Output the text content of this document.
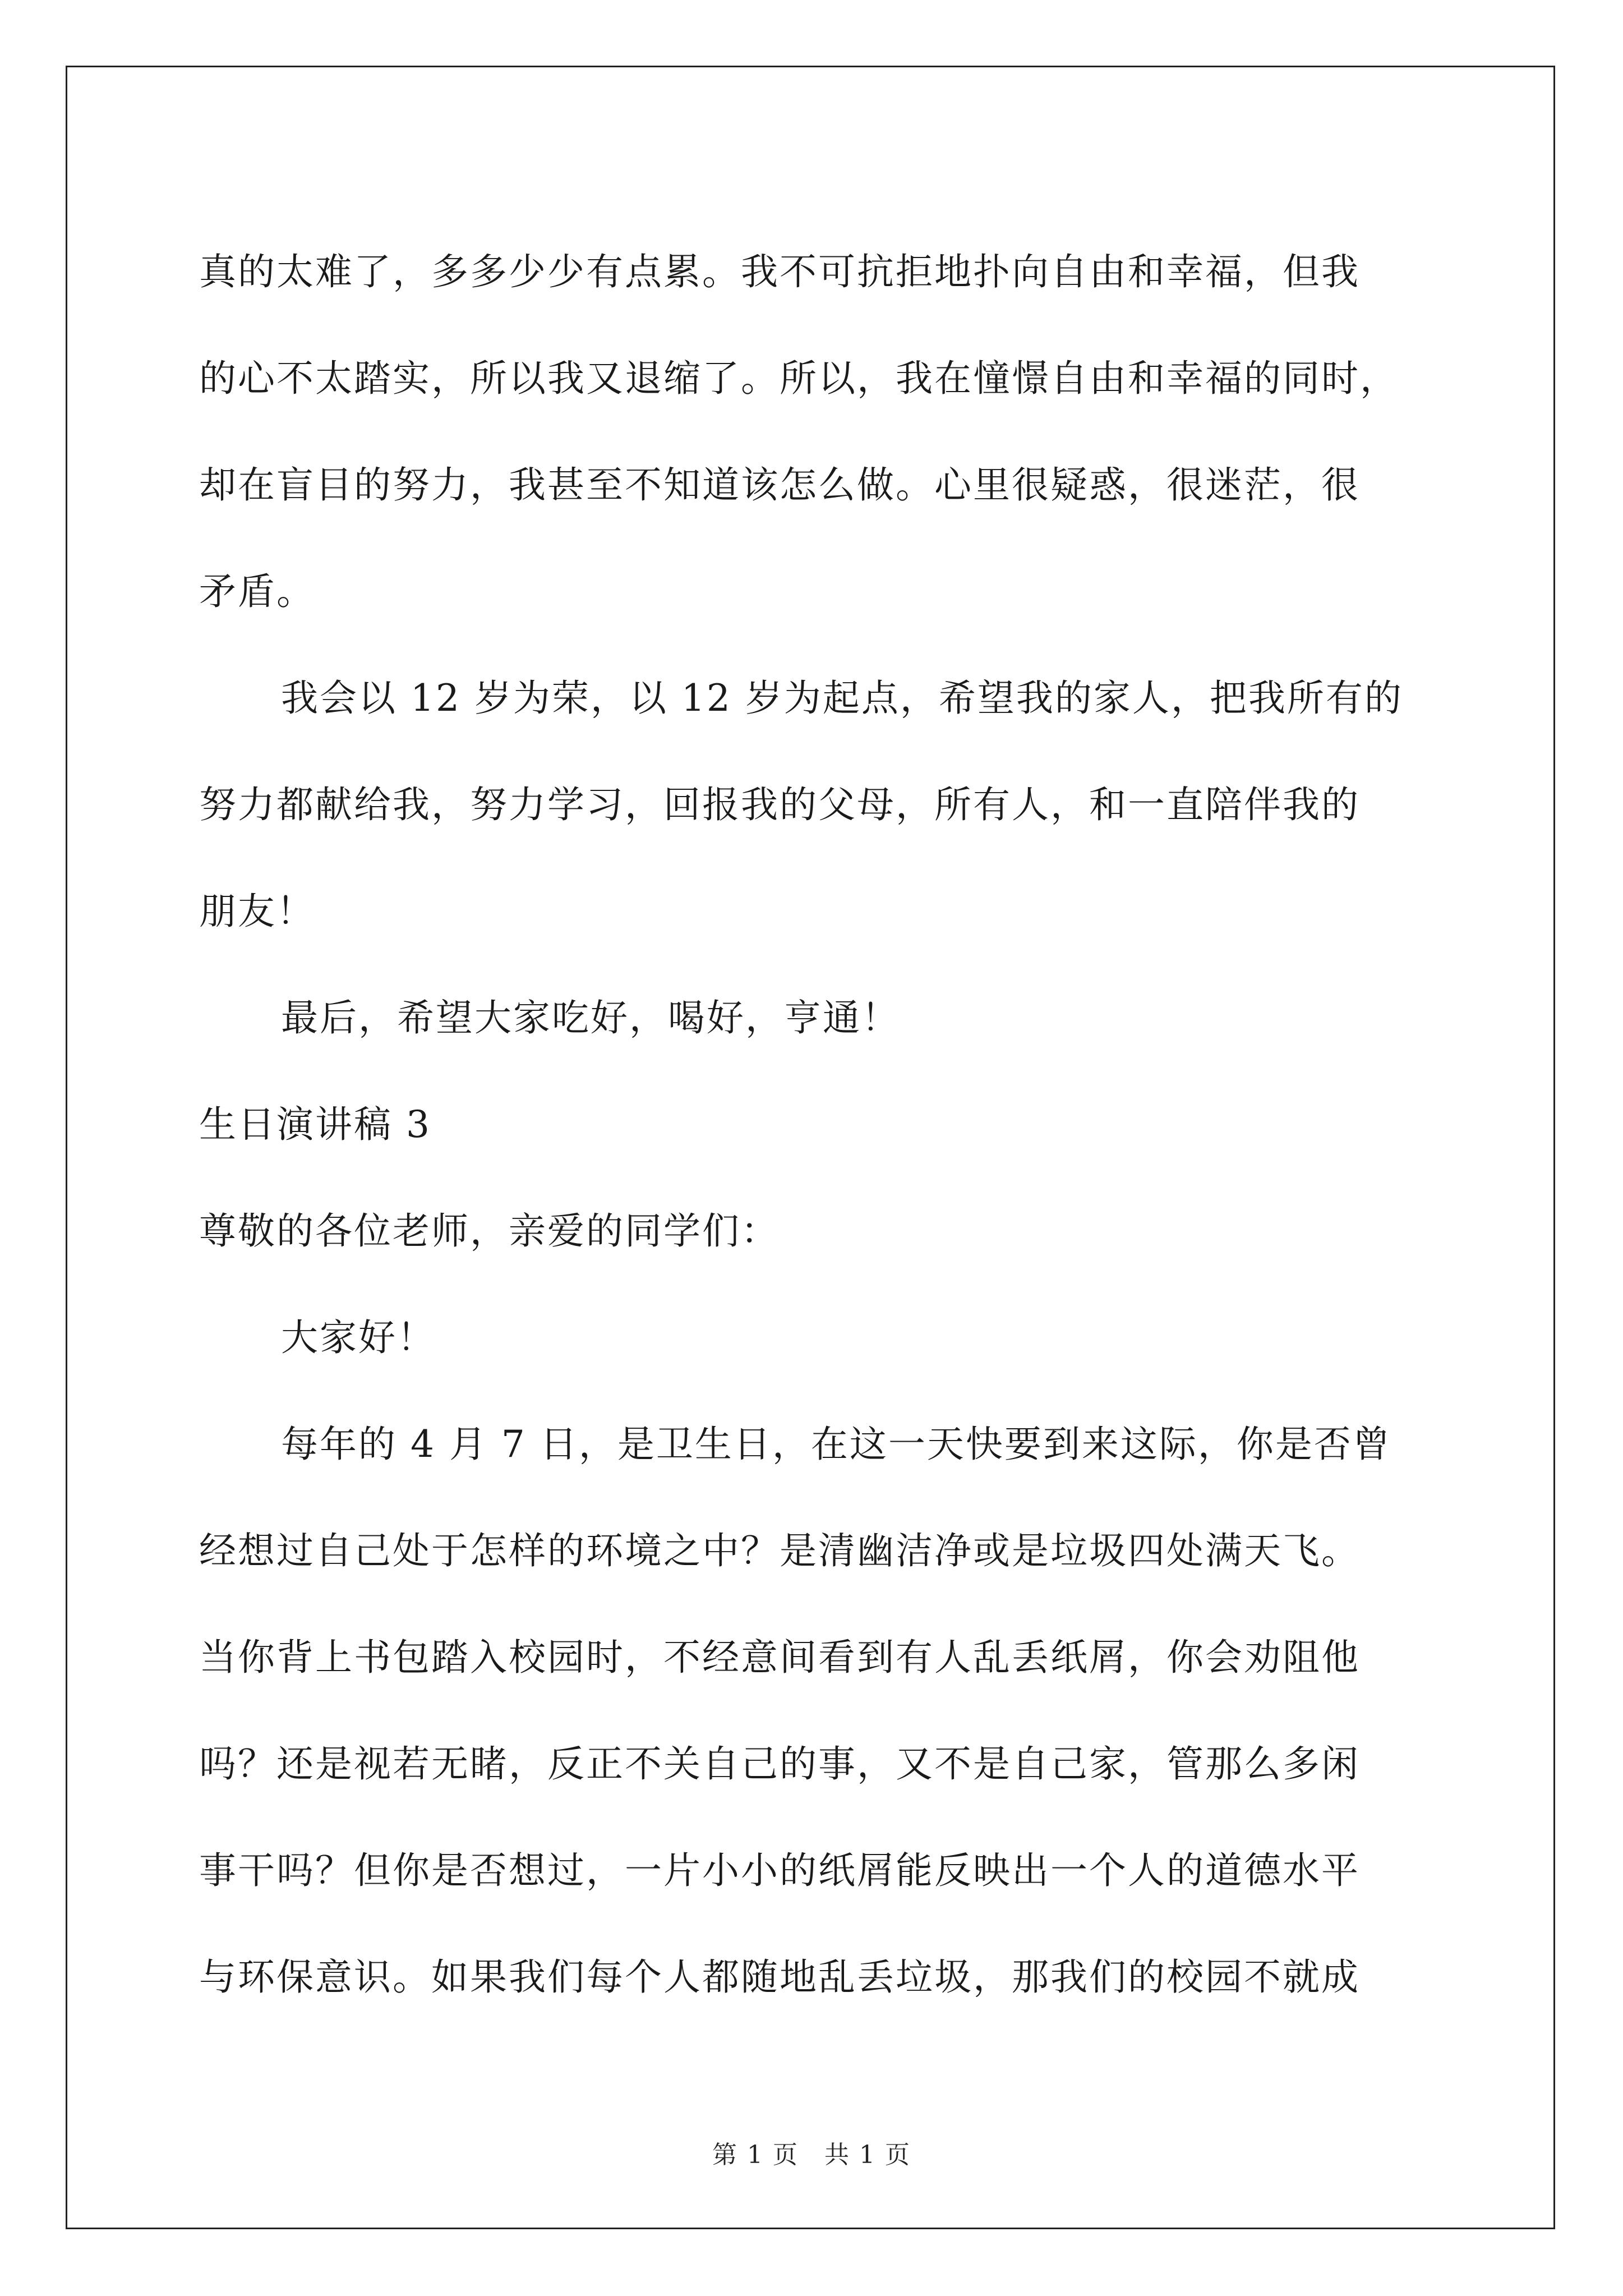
真的太难了，多多少少有点累。我不可抗拒地扑向自由和幸福，但我
的心不太踏实，所以我又退缩了。所以，我在憧憬自由和幸福的同时，
却在盲目的努力，我甚至不知道该怎么做。心里很疑惑，很迷茫，很
矛盾。
我会以 12 岁为荣，以 12 岁为起点，希望我的家人，把我所有的
努力都献给我，努力学习，回报我的父母，所有人，和一直陪伴我的
朋友！
最后，希望大家吃好，喝好，亨通！
生日演讲稿 3
尊敬的各位老师，亲爱的同学们：
大家好！
每年的 4 月 7 日，是卫生日，在这一天快要到来这际，你是否曾
经想过自己处于怎样的环境之中？是清幽洁净或是垃圾四处满天飞。
当你背上书包踏入校园时，不经意间看到有人乱丢纸屑，你会劝阻他
吗？还是视若无睹，反正不关自己的事，又不是自己家，管那么多闲
事干吗？但你是否想过，一片小小的纸屑能反映出一个人的道德水平
与环保意识。如果我们每个人都随地乱丢垃圾，那我们的校园不就成
第 1 页　共 1 页
